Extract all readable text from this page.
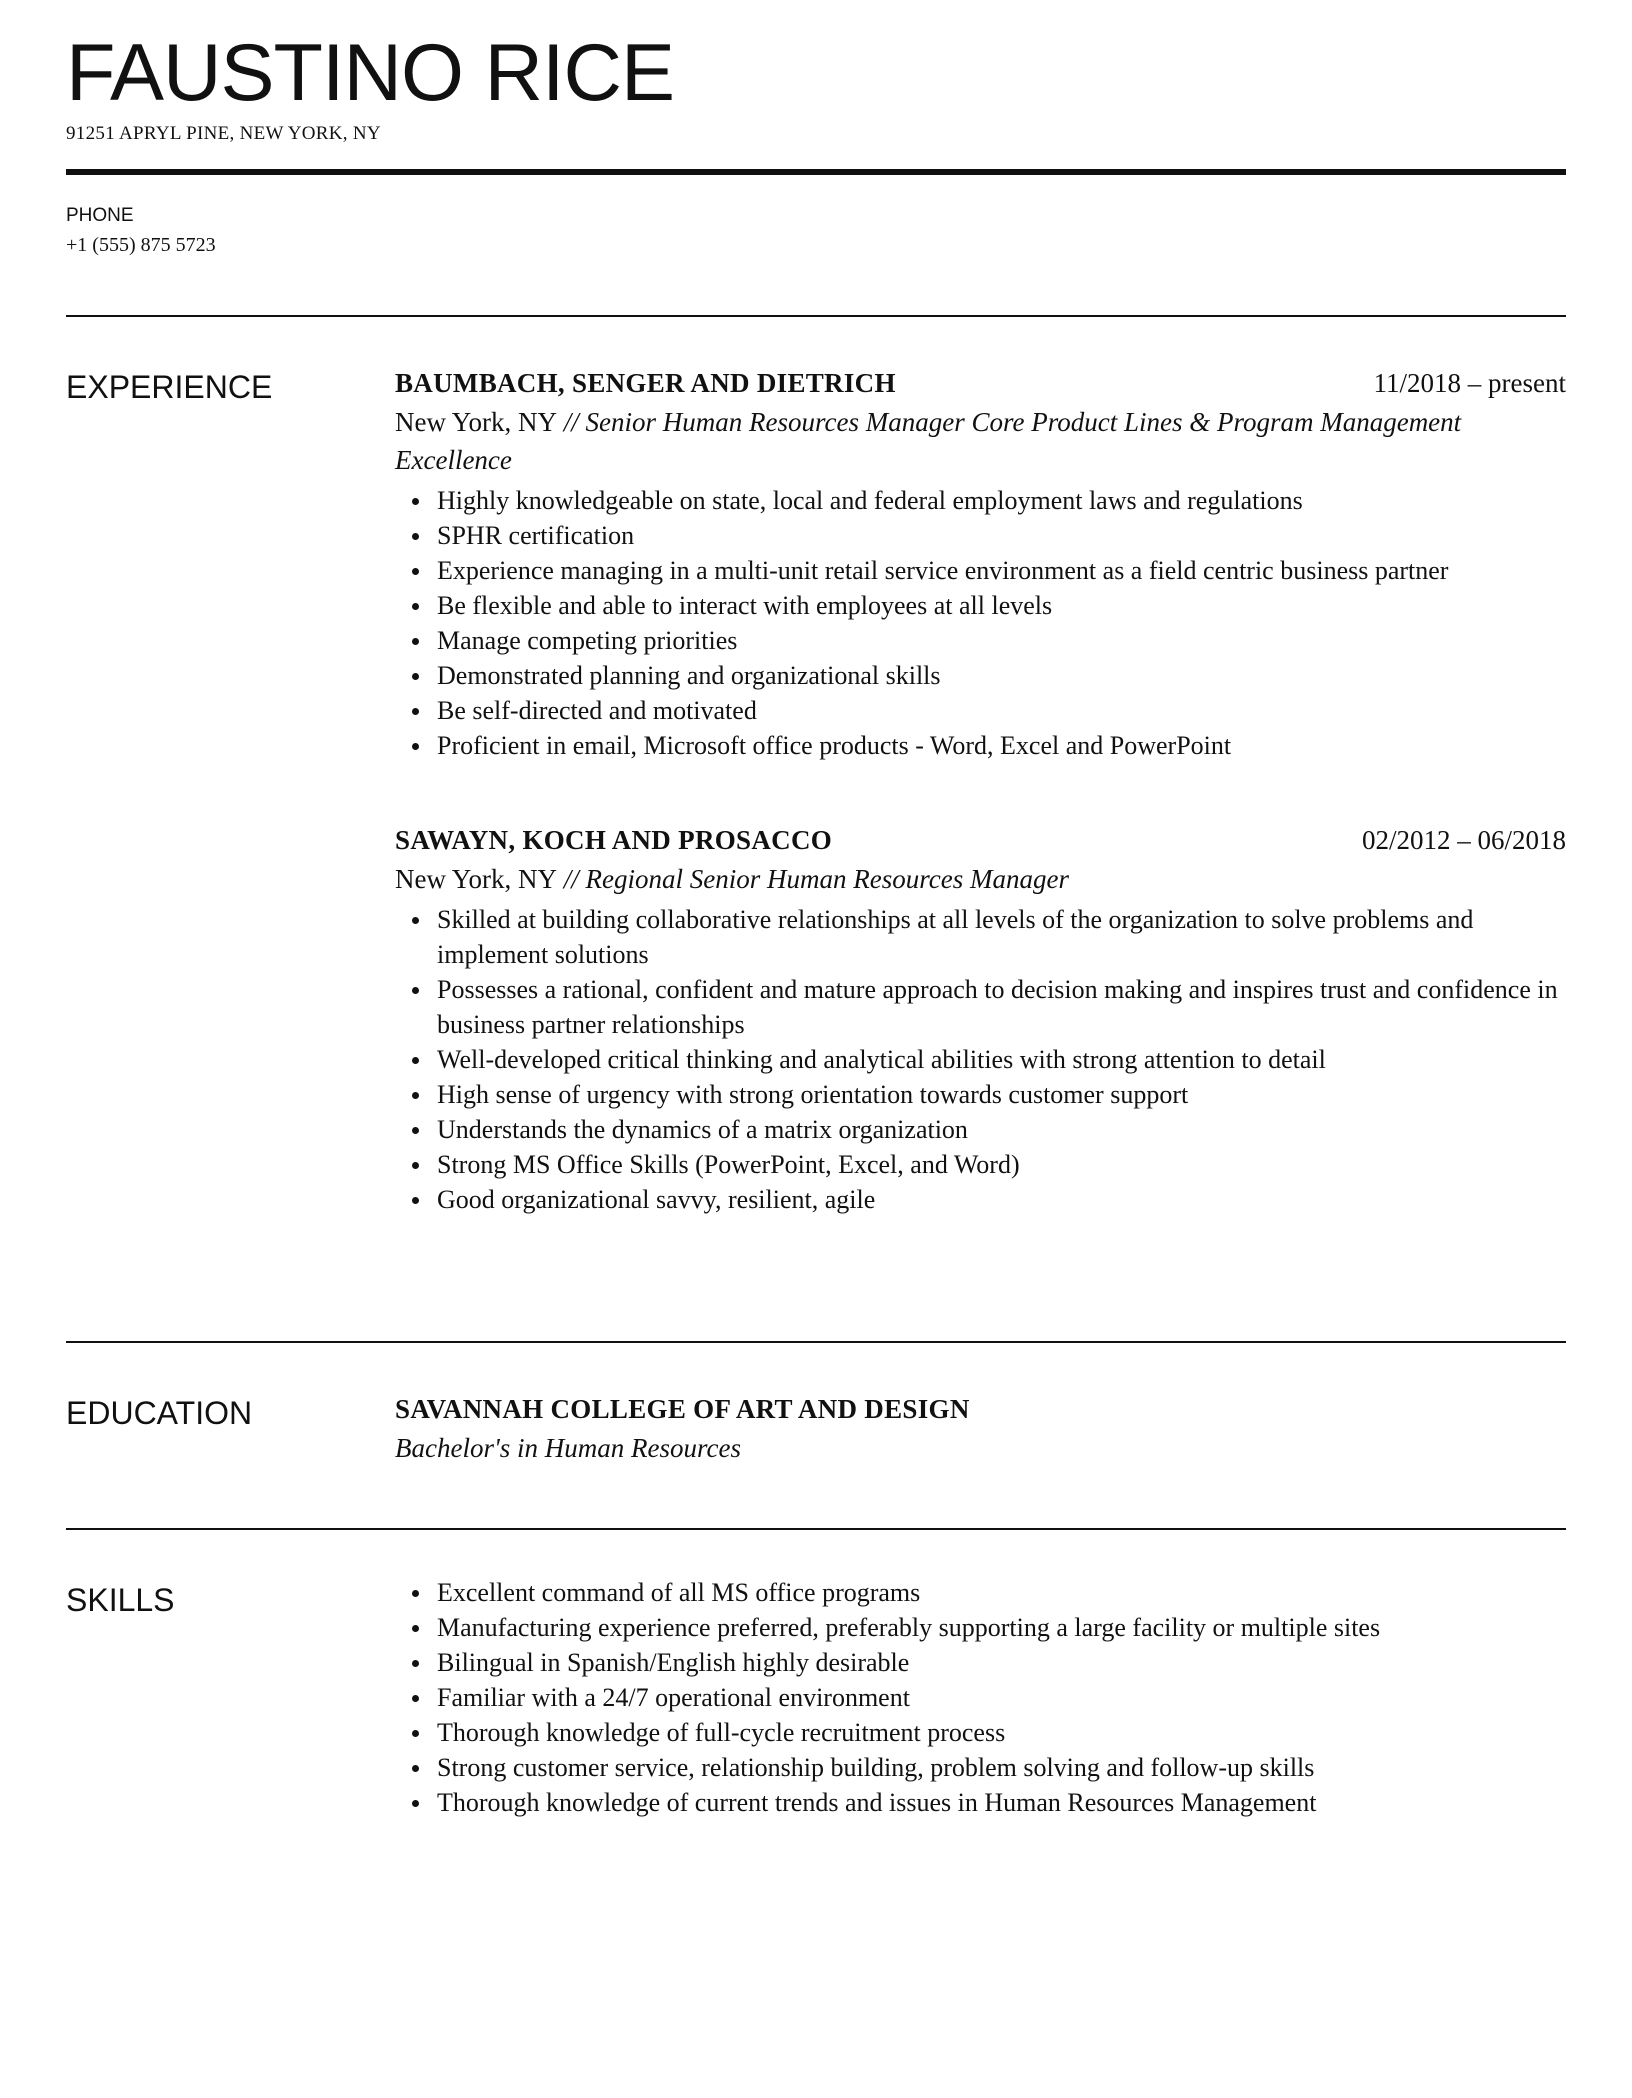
FAUSTINO RICE
91251 APRYL PINE, NEW YORK, NY
PHONE
+1 (555) 875 5723
EXPERIENCE	BAUMBACH, SENGER AND DIETRICH	11/2018 – present
New York, NY // Senior Human Resources Manager Core Product Lines & Program Management Excellence
Highly knowledgeable on state, local and federal employment laws and regulations
SPHR certification
Experience managing in a multi-unit retail service environment as a field centric business partner
Be flexible and able to interact with employees at all levels
Manage competing priorities
Demonstrated planning and organizational skills
Be self-directed and motivated
Proficient in email, Microsoft office products - Word, Excel and PowerPoint
SAWAYN, KOCH AND PROSACCO	02/2012 – 06/2018
New York, NY // Regional Senior Human Resources Manager
Skilled at building collaborative relationships at all levels of the organization to solve problems and implement solutions
Possesses a rational, confident and mature approach to decision making and inspires trust and confidence in business partner relationships
Well-developed critical thinking and analytical abilities with strong attention to detail
High sense of urgency with strong orientation towards customer support
Understands the dynamics of a matrix organization
Strong MS Office Skills (PowerPoint, Excel, and Word)
Good organizational savvy, resilient, agile
EDUCATION	SAVANNAH COLLEGE OF ART AND DESIGN
Bachelor's in Human Resources
SKILLS	Excellent command of all MS office programs
Manufacturing experience preferred, preferably supporting a large facility or multiple sites
Bilingual in Spanish/English highly desirable
Familiar with a 24/7 operational environment
Thorough knowledge of full-cycle recruitment process
Strong customer service, relationship building, problem solving and follow-up skills
Thorough knowledge of current trends and issues in Human Resources Management
